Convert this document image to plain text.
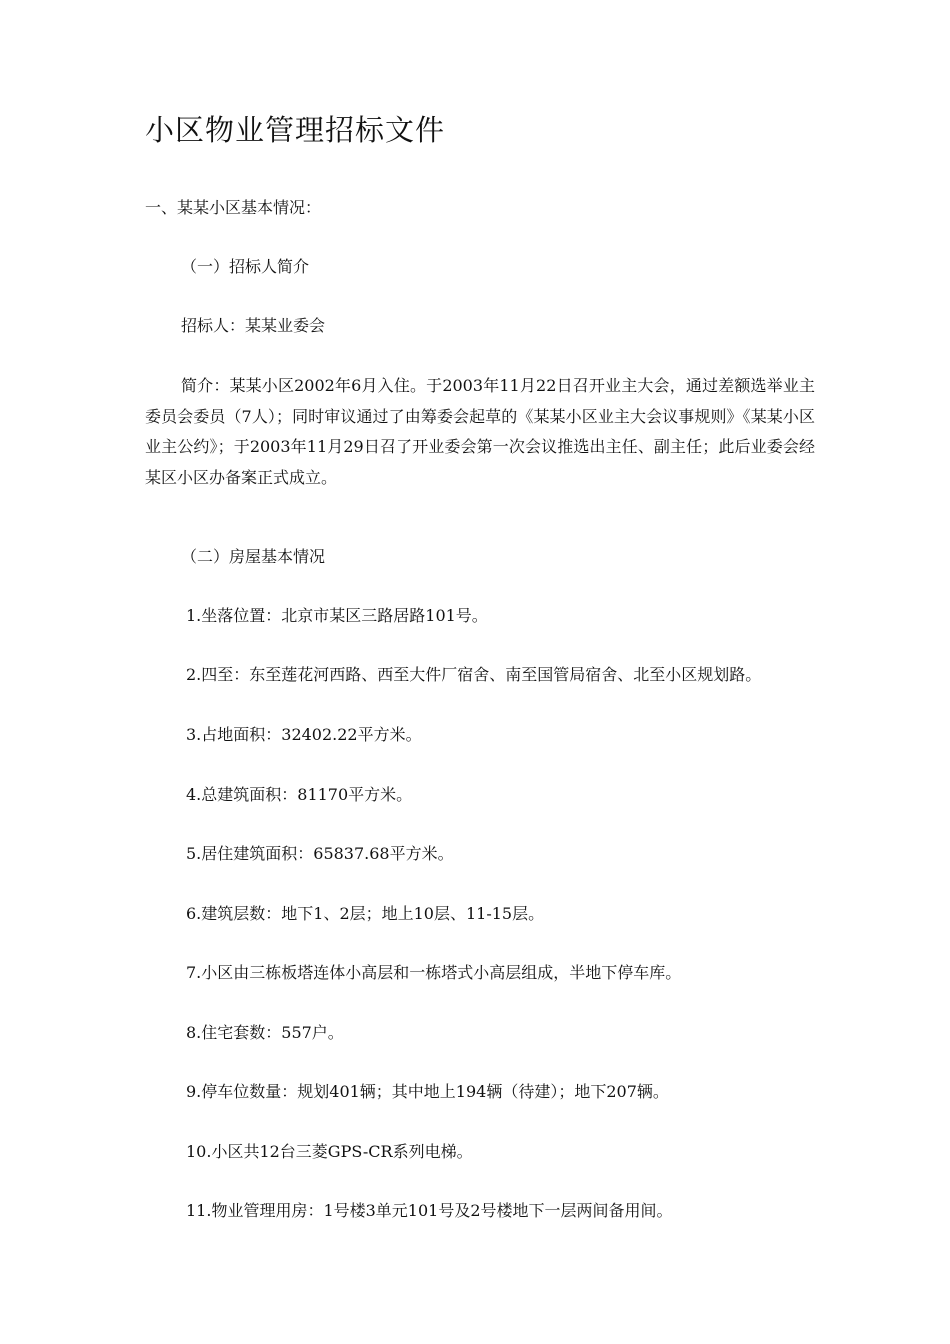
小区物业管理招标文件
一、某某小区基本情况：
（一）招标人简介
招标人：某某业委会
简介：某某小区2002年6月入住。于2003年11月22日召开业主大会，通过差额选举业主委员会委员（7人）；同时审议通过了由筹委会起草的《某某小区业主大会议事规则》《某某小区业主公约》；于2003年11月29日召了开业委会第一次会议推选出主任、副主任；此后业委会经某区小区办备案正式成立。
（二）房屋基本情况
1.坐落位置：北京市某区三路居路101号。
2.四至：东至莲花河西路、西至大件厂宿舍、南至国管局宿舍、北至小区规划路。
3.占地面积：32402.22平方米。
4.总建筑面积：81170平方米。
5.居住建筑面积：65837.68平方米。
6.建筑层数：地下1、2层；地上10层、11-15层。
7.小区由三栋板塔连体小高层和一栋塔式小高层组成，半地下停车库。
8.住宅套数：557户。
9.停车位数量：规划401辆；其中地上194辆（待建）；地下207辆。
10.小区共12台三菱GPS-CR系列电梯。
11.物业管理用房：1号楼3单元101号及2号楼地下一层两间备用间。
